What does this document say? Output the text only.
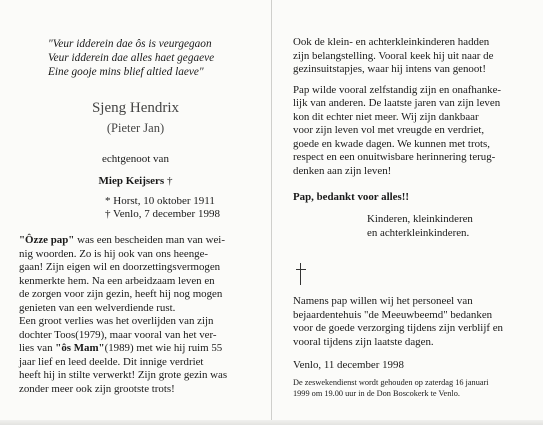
"Veur idderein dae ôs is veurgegaon
Veur idderein dae alles haet gegaeve
Eine gooje mins blief altied laeve"
Sjeng Hendrix
(Pieter Jan)
echtgenoot van
Miep Keijsers †
* Horst, 10 oktober 1911
† Venlo, 7 december 1998
"Ôzze pap" was een bescheiden man van wei-
nig woorden. Zo is hij ook van ons heenge-
gaan! Zijn eigen wil en doorzettingsvermogen
kenmerkte hem. Na een arbeidzaam leven en
de zorgen voor zijn gezin, heeft hij nog mogen
genieten van een welverdiende rust.
Een groot verlies was het overlijden van zijn
dochter Toos(1979), maar vooral van het ver-
lies van "ôs Mam"(1989) met wie hij ruim 55
jaar lief en leed deelde. Dit innige verdriet
heeft hij in stilte verwerkt! Zijn grote gezin was
zonder meer ook zijn grootste trots!
Ook de klein- en achterkleinkinderen hadden
zijn belangstelling. Vooral keek hij uit naar de
gezinsuitstapjes, waar hij intens van genoot!
Pap wilde vooral zelfstandig zijn en onafhanke-
lijk van anderen. De laatste jaren van zijn leven
kon dit echter niet meer. Wij zijn dankbaar
voor zijn leven vol met vreugde en verdriet,
goede en kwade dagen. We kunnen met trots,
respect en een onuitwisbare herinnering terug-
denken aan zijn leven!
Pap, bedankt voor alles!!
Kinderen, kleinkinderen
en achterkleinkinderen.
Namens pap willen wij het personeel van
bejaardentehuis "de Meeuwbeemd" bedanken
voor de goede verzorging tijdens zijn verblijf en
vooral tijdens zijn laatste dagen.
Venlo, 11 december 1998
De zeswekendienst wordt gehouden op zaterdag 16 januari
1999 om 19.00 uur in de Don Boscokerk te Venlo.
